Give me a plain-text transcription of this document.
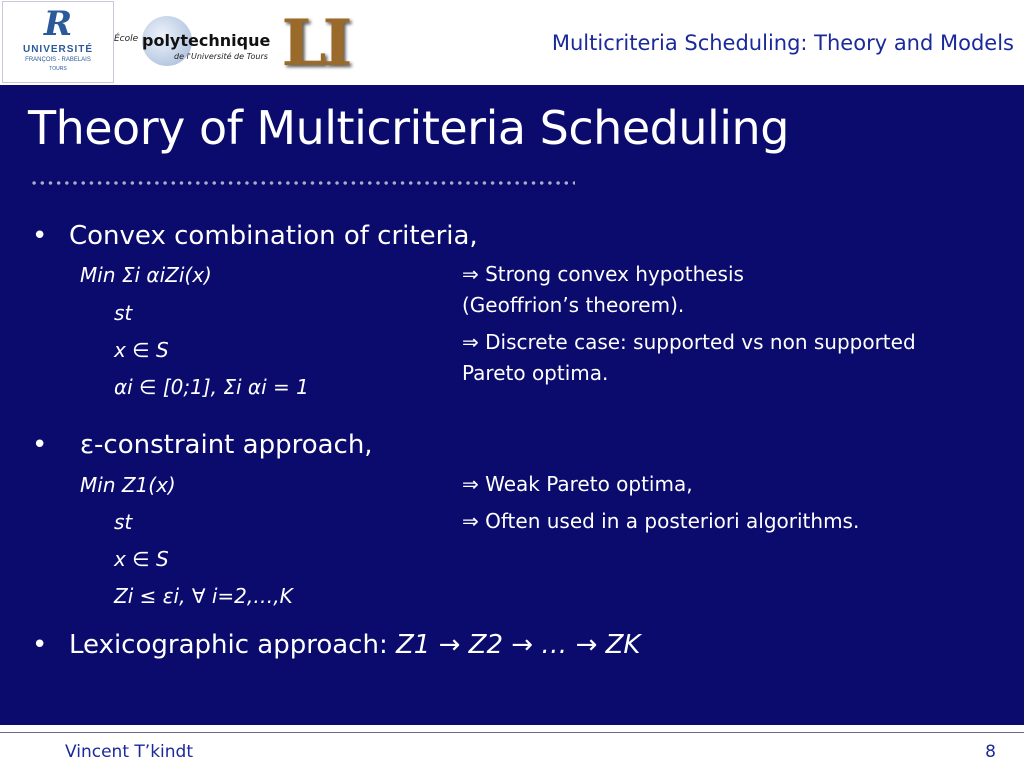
R
UNIVERSITÉ
FRANÇOIS - RABELAIS
TOURS
École polytechnique
de l'Université de Tours LI	Multicriteria Scheduling: Theory and Models
Theory of Multicriteria Scheduling
• Convex combination of criteria,
Min Σi αiZi(x)
st
x ∈ S
αi ∈ [0;1], Σi αi = 1
⇒ Strong convex hypothesis (Geoffrion’s theorem).
⇒ Discrete case: supported vs non supported Pareto optima.
• ε-constraint approach,
Min Z1(x)
st
x ∈ S
Zi ≤ εi, ∀ i=2,…,K
⇒ Weak Pareto optima,
⇒ Often used in a posteriori algorithms.
• Lexicographic approach: Z1 → Z2 → … → ZK
Vincent T’kindt	8
